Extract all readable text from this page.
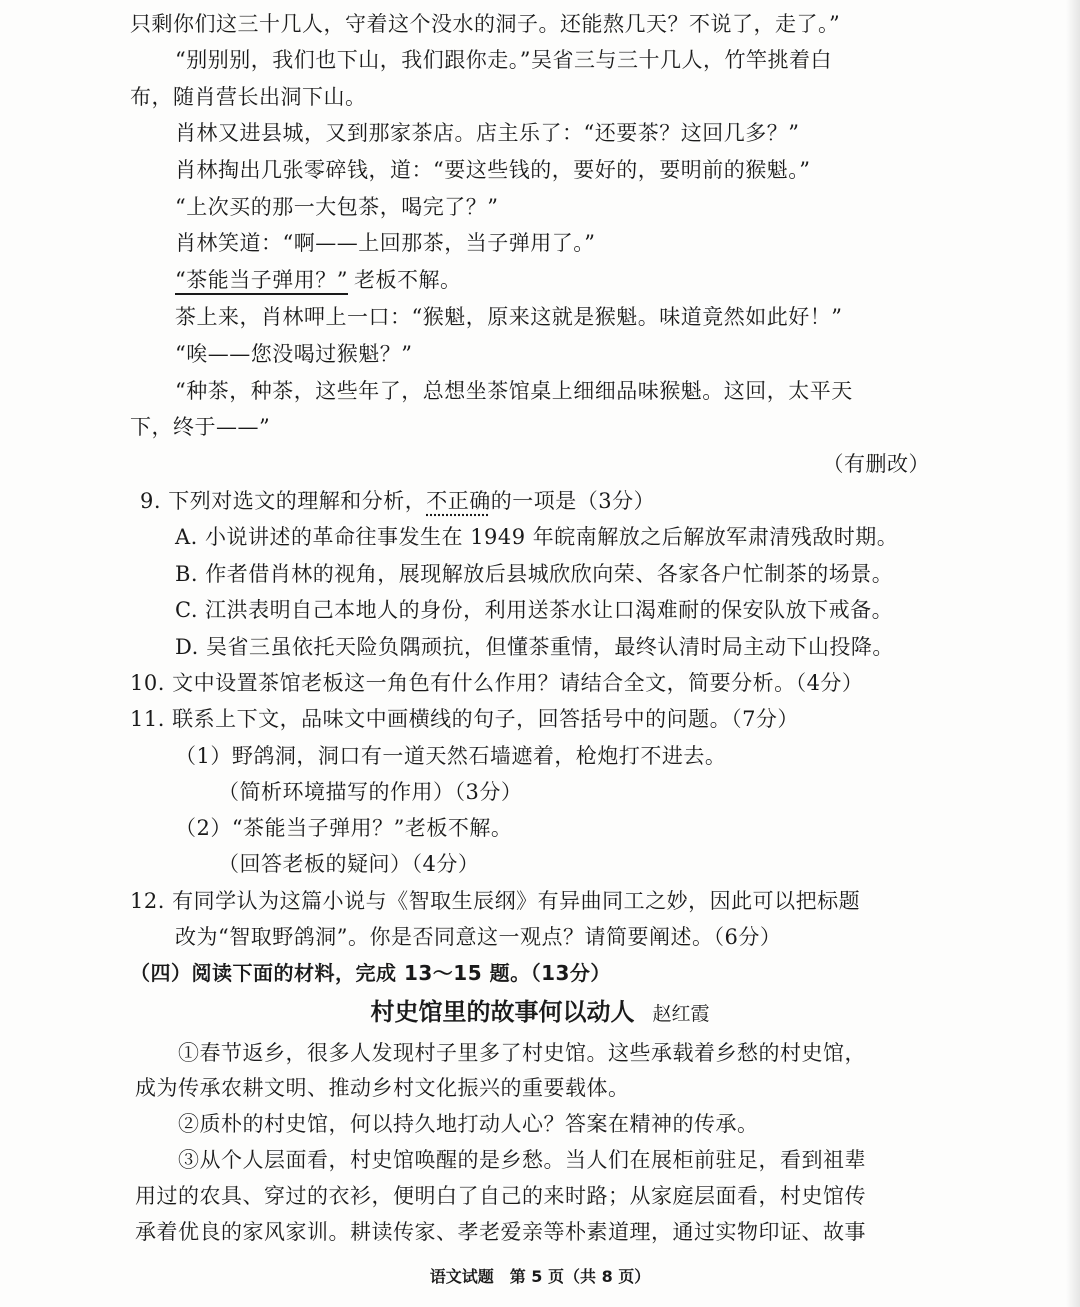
只剩你们这三十几人，守着这个没水的洞子。还能熬几天？不说了，走了。”
“别别别，我们也下山，我们跟你走。”吴省三与三十几人，竹竿挑着白
布，随肖营长出洞下山。
肖林又进县城，又到那家茶店。店主乐了：“还要茶？这回几多？”
肖林掏出几张零碎钱，道：“要这些钱的，要好的，要明前的猴魁。”
“上次买的那一大包茶，喝完了？”
肖林笑道：“啊——上回那茶，当子弹用了。”
“茶能当子弹用？” 老板不解。
茶上来，肖林呷上一口：“猴魁，原来这就是猴魁。味道竟然如此好！”
“唉——您没喝过猴魁？”
“种茶，种茶，这些年了，总想坐茶馆桌上细细品味猴魁。这回，太平天
下，终于——”
（有删改）
9. 下列对选文的理解和分析，不正确的一项是（3分）
A. 小说讲述的革命往事发生在 1949 年皖南解放之后解放军肃清残敌时期。
B. 作者借肖林的视角，展现解放后县城欣欣向荣、各家各户忙制茶的场景。
C. 江洪表明自己本地人的身份，利用送茶水让口渴难耐的保安队放下戒备。
D. 吴省三虽依托天险负隅顽抗，但懂茶重情，最终认清时局主动下山投降。
10. 文中设置茶馆老板这一角色有什么作用？请结合全文，简要分析。（4分）
11. 联系上下文，品味文中画横线的句子，回答括号中的问题。（7分）
（1）野鸽洞，洞口有一道天然石墙遮着，枪炮打不进去。
（简析环境描写的作用）（3分）
（2）“茶能当子弹用？”老板不解。
（回答老板的疑问）（4分）
12. 有同学认为这篇小说与《智取生辰纲》有异曲同工之妙，因此可以把标题
改为“智取野鸽洞”。你是否同意这一观点？请简要阐述。（6分）
（四）阅读下面的材料，完成 13～15 题。（13分）
村史馆里的故事何以动人 赵红霞
①春节返乡，很多人发现村子里多了村史馆。这些承载着乡愁的村史馆，
成为传承农耕文明、推动乡村文化振兴的重要载体。
②质朴的村史馆，何以持久地打动人心？答案在精神的传承。
③从个人层面看，村史馆唤醒的是乡愁。当人们在展柜前驻足，看到祖辈
用过的农具、穿过的衣衫，便明白了自己的来时路；从家庭层面看，村史馆传
承着优良的家风家训。耕读传家、孝老爱亲等朴素道理，通过实物印证、故事
语文试题　第 5 页（共 8 页）
